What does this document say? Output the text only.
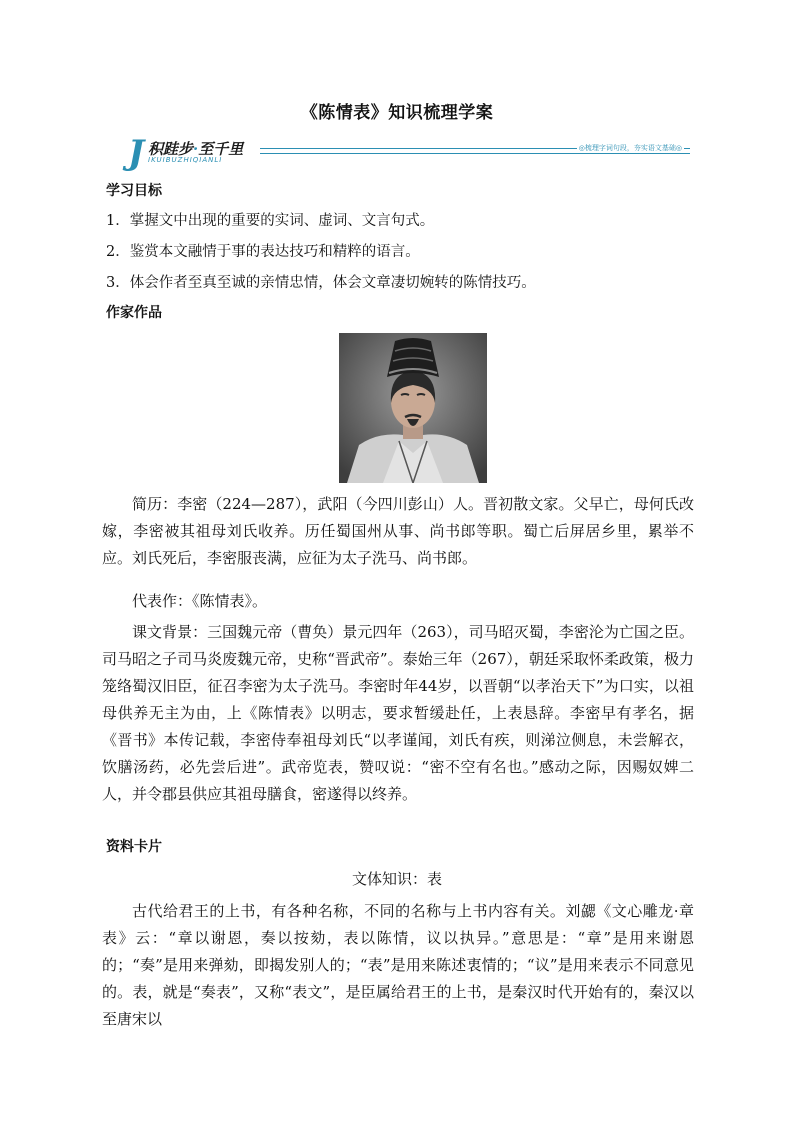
《陈情表》知识梳理学案
J 积跬步·至千里
IKUIBUZHIQIANLI
◎梳理字词句段，夯实语文基础◎
学习目标
1．掌握文中出现的重要的实词、虚词、文言句式。
2．鉴赏本文融情于事的表达技巧和精粹的语言。
3．体会作者至真至诚的亲情忠情，体会文章凄切婉转的陈情技巧。
作家作品
简历：李密（224—287），武阳（今四川彭山）人。晋初散文家。父早亡，母何氏改嫁，李密被其祖母刘氏收养。历任蜀国州从事、尚书郎等职。蜀亡后屏居乡里，累举不应。刘氏死后，李密服丧满，应征为太子洗马、尚书郎。
代表作：《陈情表》。
课文背景：三国魏元帝（曹奂）景元四年（263），司马昭灭蜀，李密沦为亡国之臣。司马昭之子司马炎废魏元帝，史称“晋武帝”。泰始三年（267），朝廷采取怀柔政策，极力笼络蜀汉旧臣，征召李密为太子洗马。李密时年44岁，以晋朝“以孝治天下”为口实，以祖母供养无主为由，上《陈情表》以明志，要求暂缓赴任，上表恳辞。李密早有孝名，据《晋书》本传记载，李密侍奉祖母刘氏“以孝谨闻，刘氏有疾，则涕泣侧息，未尝解衣，饮膳汤药，必先尝后进”。武帝览表，赞叹说：“密不空有名也。”感动之际，因赐奴婢二人，并令郡县供应其祖母膳食，密遂得以终养。
资料卡片
文体知识：表
古代给君王的上书，有各种名称，不同的名称与上书内容有关。刘勰《文心雕龙·章表》云：“章以谢恩，奏以按劾，表以陈情，议以执异。”意思是：“章”是用来谢恩的；“奏”是用来弹劾，即揭发别人的；“表”是用来陈述衷情的；“议”是用来表示不同意见的。表，就是“奏表”，又称“表文”，是臣属给君王的上书，是秦汉时代开始有的，秦汉以至唐宋以
